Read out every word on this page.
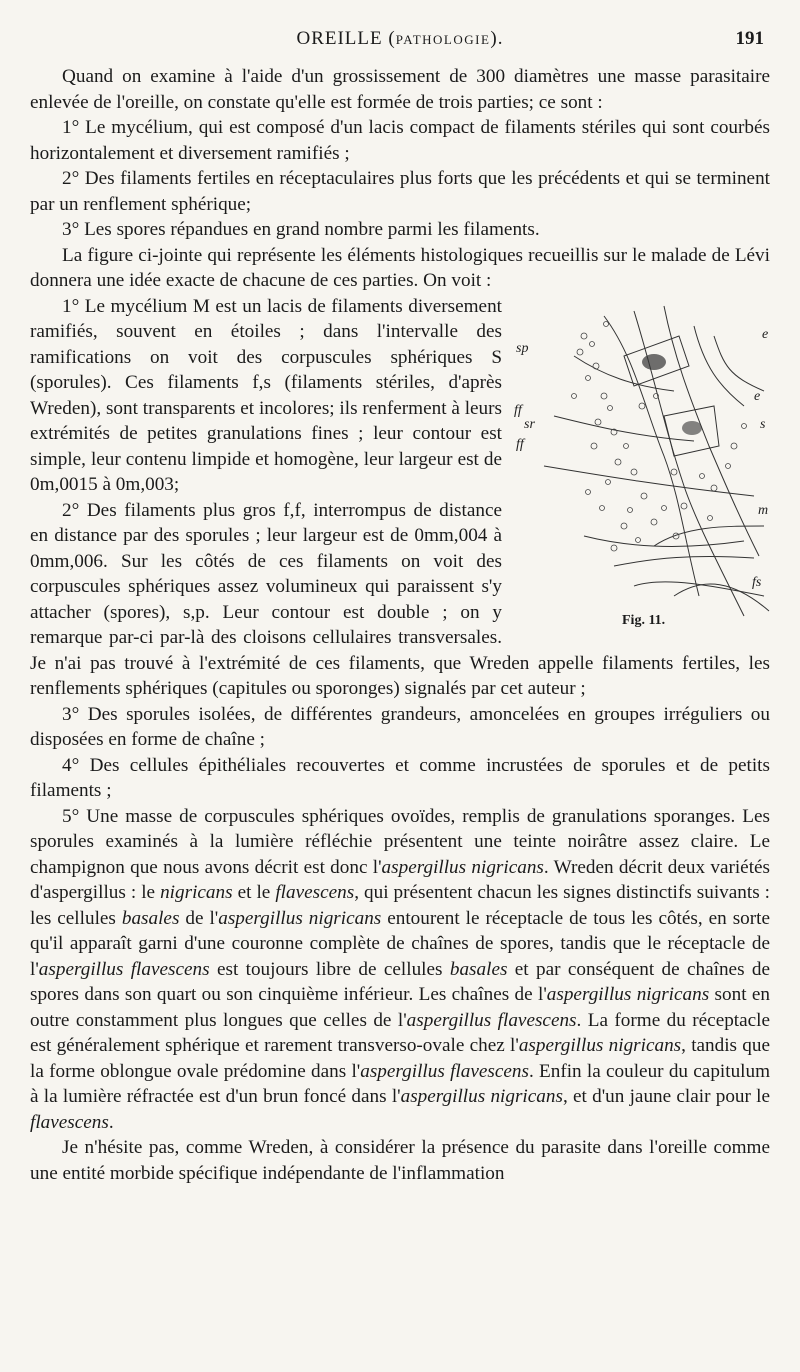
OREILLE (PATHOLOGIE).	191

Quand on examine à l'aide d'un grossissement de 300 diamètres une masse parasitaire enlevée de l'oreille, on constate qu'elle est formée de trois parties; ce sont :

1° Le mycélium, qui est composé d'un lacis compact de filaments stériles qui sont courbés horizontalement et diversement ramifiés ;

2° Des filaments fertiles en réceptaculaires plus forts que les précédents et qui se terminent par un renflement sphérique;

3° Les spores répandues en grand nombre parmi les filaments.

La figure ci-jointe qui représente les éléments histologiques recueillis sur le malade de Lévi donnera une idée exacte de chacune de ces parties. On voit :

sp
ff
sr
ff
e
e
s
m
fs
Fig. 11.

1° Le mycélium M est un lacis de filaments diversement ramifiés, souvent en étoiles ; dans l'intervalle des ramifications on voit des corpuscules sphériques S (sporules). Ces filaments f,s (filaments stériles, d'après Wreden), sont transparents et incolores; ils renferment à leurs extrémités de petites granulations fines ; leur contour est simple, leur contenu limpide et homogène, leur largeur est de 0m,0015 à 0m,003;

2° Des filaments plus gros f,f, interrompus de distance en distance par des sporules ; leur largeur est de 0mm,004 à 0mm,006. Sur les côtés de ces filaments on voit des corpuscules sphériques assez volumineux qui paraissent s'y attacher (spores), s,p. Leur contour est double ; on y remarque par-ci par-là des cloisons cellulaires transversales. Je n'ai pas trouvé à l'extrémité de ces filaments, que Wreden appelle filaments fertiles, les renflements sphériques (capitules ou sporonges) signalés par cet auteur ;

3° Des sporules isolées, de différentes grandeurs, amoncelées en groupes irréguliers ou disposées en forme de chaîne ;

4° Des cellules épithéliales recouvertes et comme incrustées de sporules et de petits filaments ;

5° Une masse de corpuscules sphériques ovoïdes, remplis de granulations sporanges. Les sporules examinés à la lumière réfléchie présentent une teinte noirâtre assez claire. Le champignon que nous avons décrit est donc l'aspergillus nigricans. Wreden décrit deux variétés d'aspergillus : le nigricans et le flavescens, qui présentent chacun les signes distinctifs suivants : les cellules basales de l'aspergillus nigricans entourent le réceptacle de tous les côtés, en sorte qu'il apparaît garni d'une couronne complète de chaînes de spores, tandis que le réceptacle de l'aspergillus flavescens est toujours libre de cellules basales et par conséquent de chaînes de spores dans son quart ou son cinquième inférieur. Les chaînes de l'aspergillus nigricans sont en outre constamment plus longues que celles de l'aspergillus flavescens. La forme du réceptacle est généralement sphérique et rarement transverso-ovale chez l'aspergillus nigricans, tandis que la forme oblongue ovale prédomine dans l'aspergillus flavescens. Enfin la couleur du capitulum à la lumière réfractée est d'un brun foncé dans l'aspergillus nigricans, et d'un jaune clair pour le flavescens.

Je n'hésite pas, comme Wreden, à considérer la présence du parasite dans l'oreille comme une entité morbide spécifique indépendante de l'inflammation
